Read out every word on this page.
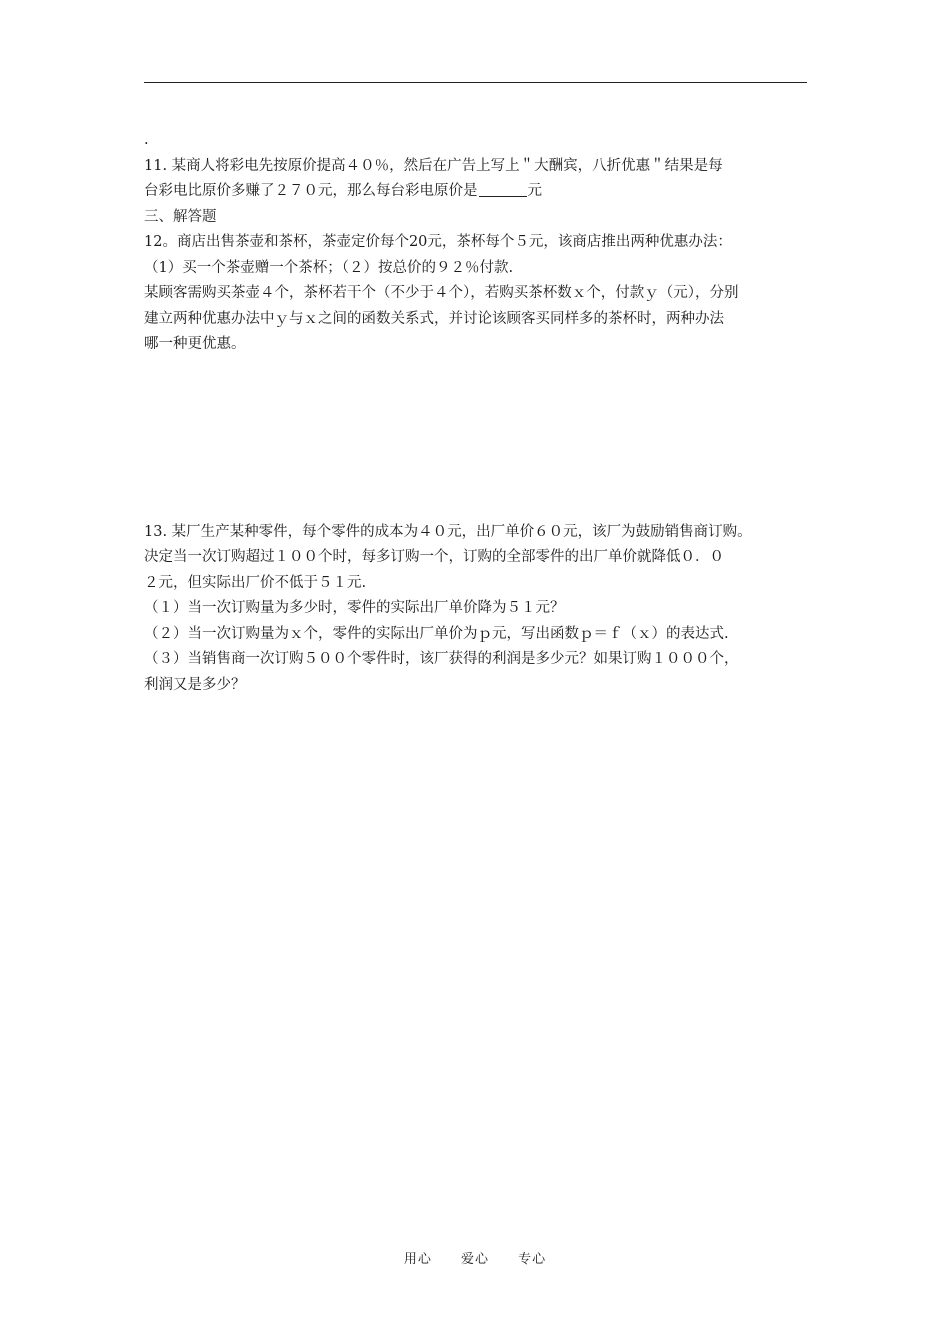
.
11. 某商人将彩电先按原价提高４０％，然后在广告上写上＂大酬宾，八折优惠＂结果是每
台彩电比原价多赚了２７０元，那么每台彩电原价是	元
三、解答题
12。商店出售茶壶和茶杯，茶壶定价每个20元，茶杯每个５元，该商店推出两种优惠办法：
（1）买一个茶壶赠一个茶杯；（２）按总价的９２％付款.
某顾客需购买茶壶４个，茶杯若干个（不少于４个），若购买茶杯数ｘ个，付款ｙ（元），分别
建立两种优惠办法中ｙ与ｘ之间的函数关系式，并讨论该顾客买同样多的茶杯时，两种办法
哪一种更优惠。
13. 某厂生产某种零件，每个零件的成本为４０元，出厂单价６０元，该厂为鼓励销售商订购。
决定当一次订购超过１００个时，每多订购一个，订购的全部零件的出厂单价就降低０．０
２元，但实际出厂价不低于５１元.
（１）当一次订购量为多少时，零件的实际出厂单价降为５１元？
（２）当一次订购量为ｘ个，零件的实际出厂单价为ｐ元，写出函数ｐ＝ｆ（ｘ）的表达式.
（３）当销售商一次订购５００个零件时，该厂获得的利润是多少元？如果订购１０００个，
利润又是多少？
用心 爱心 专心
